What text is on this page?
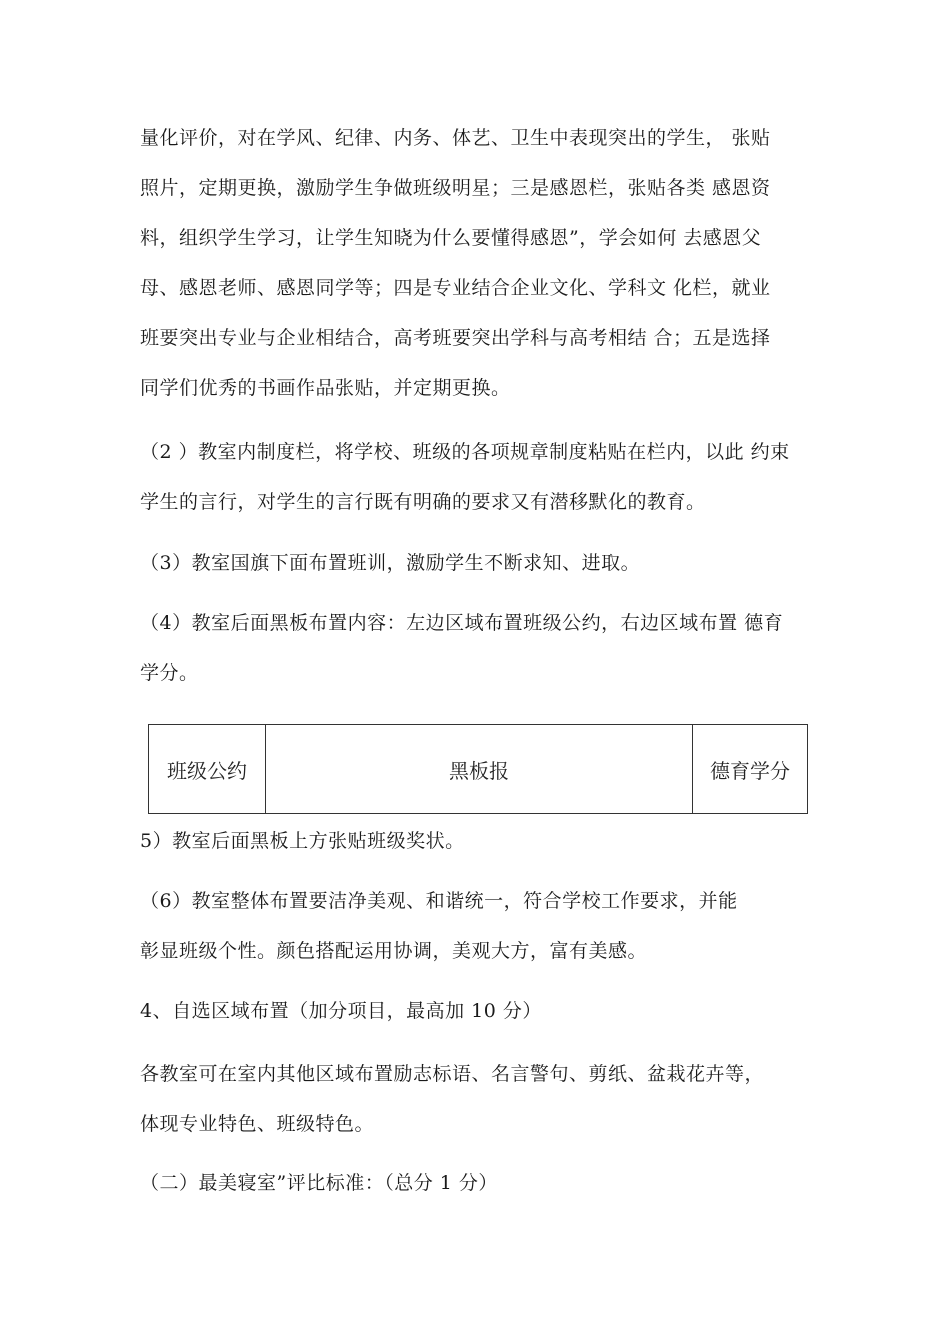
量化评价，对在学风、纪律、内务、体艺、卫生中表现突出的学生， 张贴
照片，定期更换，激励学生争做班级明星；三是感恩栏，张贴各类 感恩资
料，组织学生学习，让学生知晓为什么要懂得感恩”，学会如何 去感恩父
母、感恩老师、感恩同学等；四是专业结合企业文化、学科文 化栏，就业
班要突出专业与企业相结合，高考班要突出学科与高考相结 合；五是选择
同学们优秀的书画作品张贴，并定期更换。

（2 ）教室内制度栏，将学校、班级的各项规章制度粘贴在栏内，以此 约束
学生的言行，对学生的言行既有明确的要求又有潜移默化的教育。

（3）教室国旗下面布置班训，激励学生不断求知、进取。

（4）教室后面黑板布置内容：左边区域布置班级公约，右边区域布置 德育
学分。

班级公约	黑板报	德育学分

5）教室后面黑板上方张贴班级奖状。

（6）教室整体布置要洁净美观、和谐统一，符合学校工作要求，并能
彰显班级个性。颜色搭配运用协调，美观大方，富有美感。

4、自选区域布置（加分项目，最高加 10 分）

各教室可在室内其他区域布置励志标语、名言警句、剪纸、盆栽花卉等，
体现专业特色、班级特色。

（二）最美寝室”评比标准：（总分 1 分）
